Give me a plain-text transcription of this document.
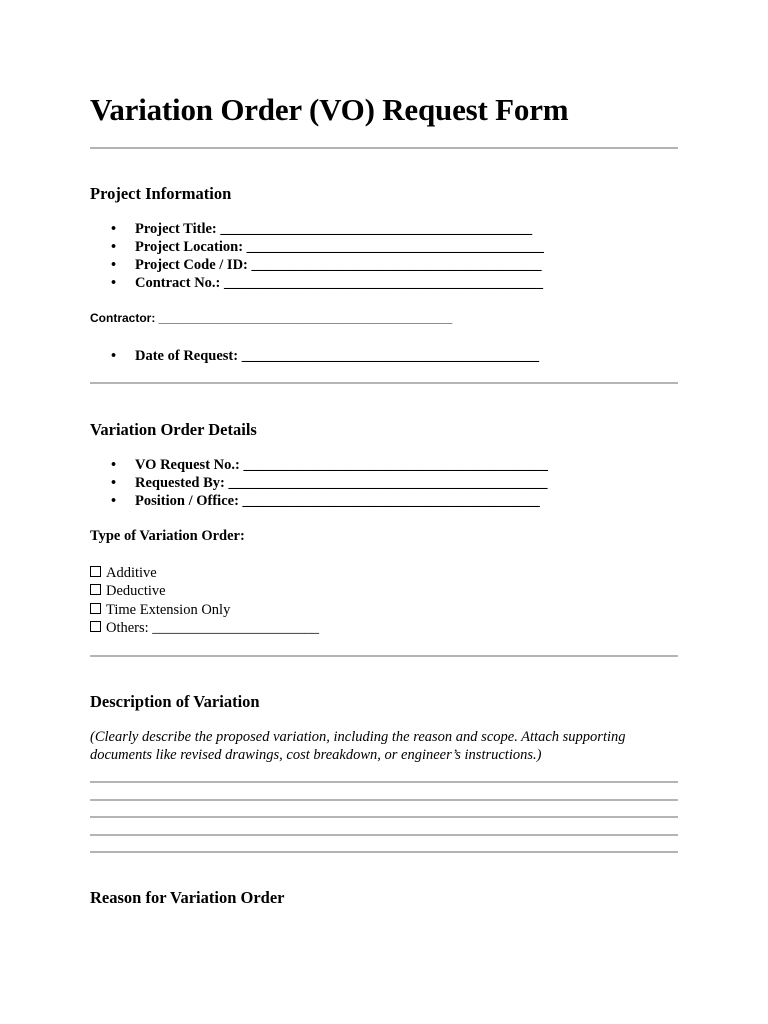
Variation Order (VO) Request Form
Project Information
• Project Title: ___________________________________________
• Project Location: _________________________________________
• Project Code / ID: ________________________________________
• Contract No.: ____________________________________________
Contractor: ____________________________________________
• Date of Request: _________________________________________
Variation Order Details
• VO Request No.: __________________________________________
• Requested By: ____________________________________________
• Position / Office: _________________________________________
Type of Variation Order:
Additive
Deductive
Time Extension Only
Others: _______________________
Description of Variation

(Clearly describe the proposed variation, including the reason and scope. Attach supporting documents like revised drawings, cost breakdown, or engineer’s instructions.)

Reason for Variation Order
